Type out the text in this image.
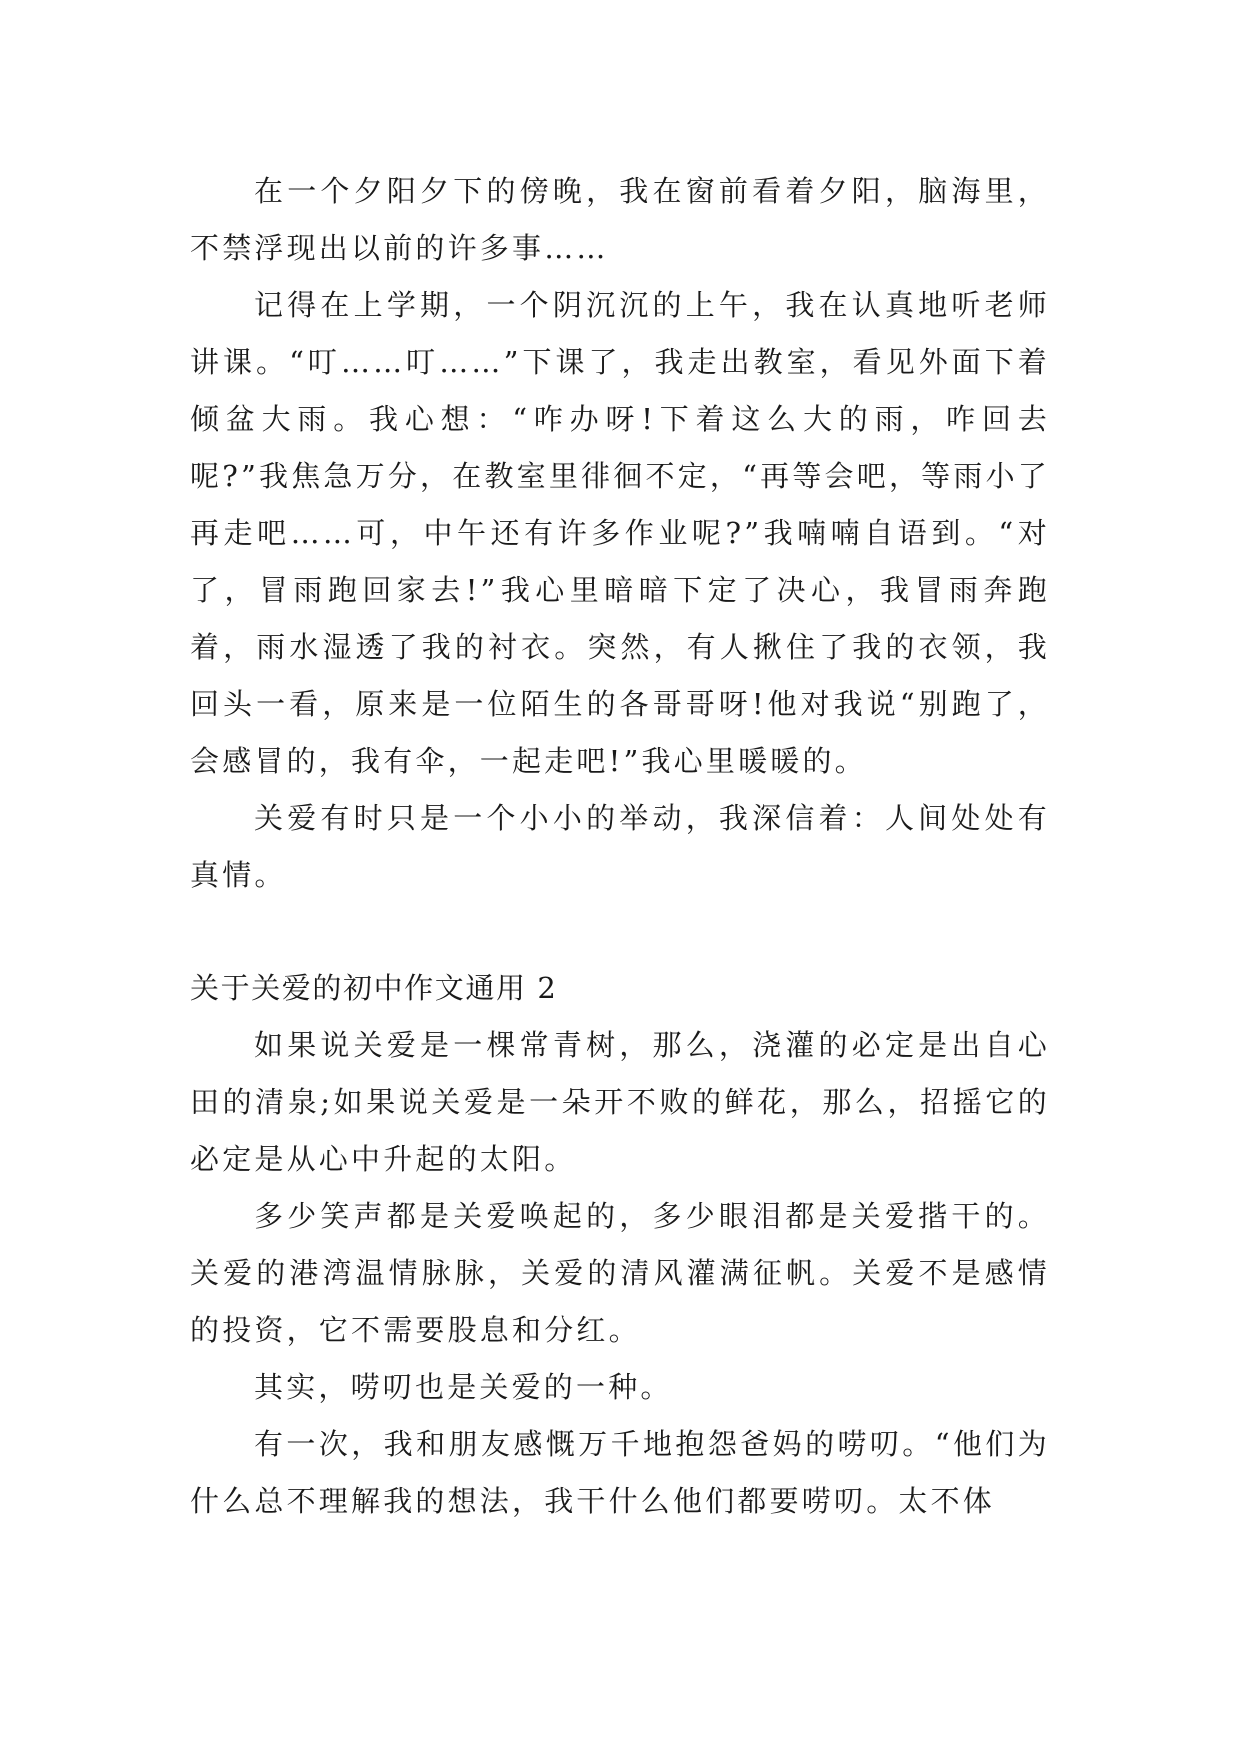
在一个夕阳夕下的傍晚，我在窗前看着夕阳，脑海里，不禁浮现出以前的许多事……

记得在上学期，一个阴沉沉的上午，我在认真地听老师讲课。“叮……叮……”下课了，我走出教室，看见外面下着倾盆大雨。我心想：“咋办呀!下着这么大的雨，咋回去呢?”我焦急万分，在教室里徘徊不定，“再等会吧，等雨小了再走吧……可，中午还有许多作业呢?”我喃喃自语到。“对了，冒雨跑回家去!”我心里暗暗下定了决心，我冒雨奔跑着，雨水湿透了我的衬衣。突然，有人揪住了我的衣领，我回头一看，原来是一位陌生的各哥哥呀!他对我说“别跑了，会感冒的，我有伞，一起走吧!”我心里暖暖的。

关爱有时只是一个小小的举动，我深信着：人间处处有真情。

关于关爱的初中作文通用 2

如果说关爱是一棵常青树，那么，浇灌的必定是出自心田的清泉;如果说关爱是一朵开不败的鲜花，那么，招摇它的必定是从心中升起的太阳。

多少笑声都是关爱唤起的，多少眼泪都是关爱揩干的。关爱的港湾温情脉脉，关爱的清风灌满征帆。关爱不是感情的投资，它不需要股息和分红。

其实，唠叨也是关爱的一种。

有一次，我和朋友感慨万千地抱怨爸妈的唠叨。“他们为什么总不理解我的想法，我干什么他们都要唠叨。太不体
